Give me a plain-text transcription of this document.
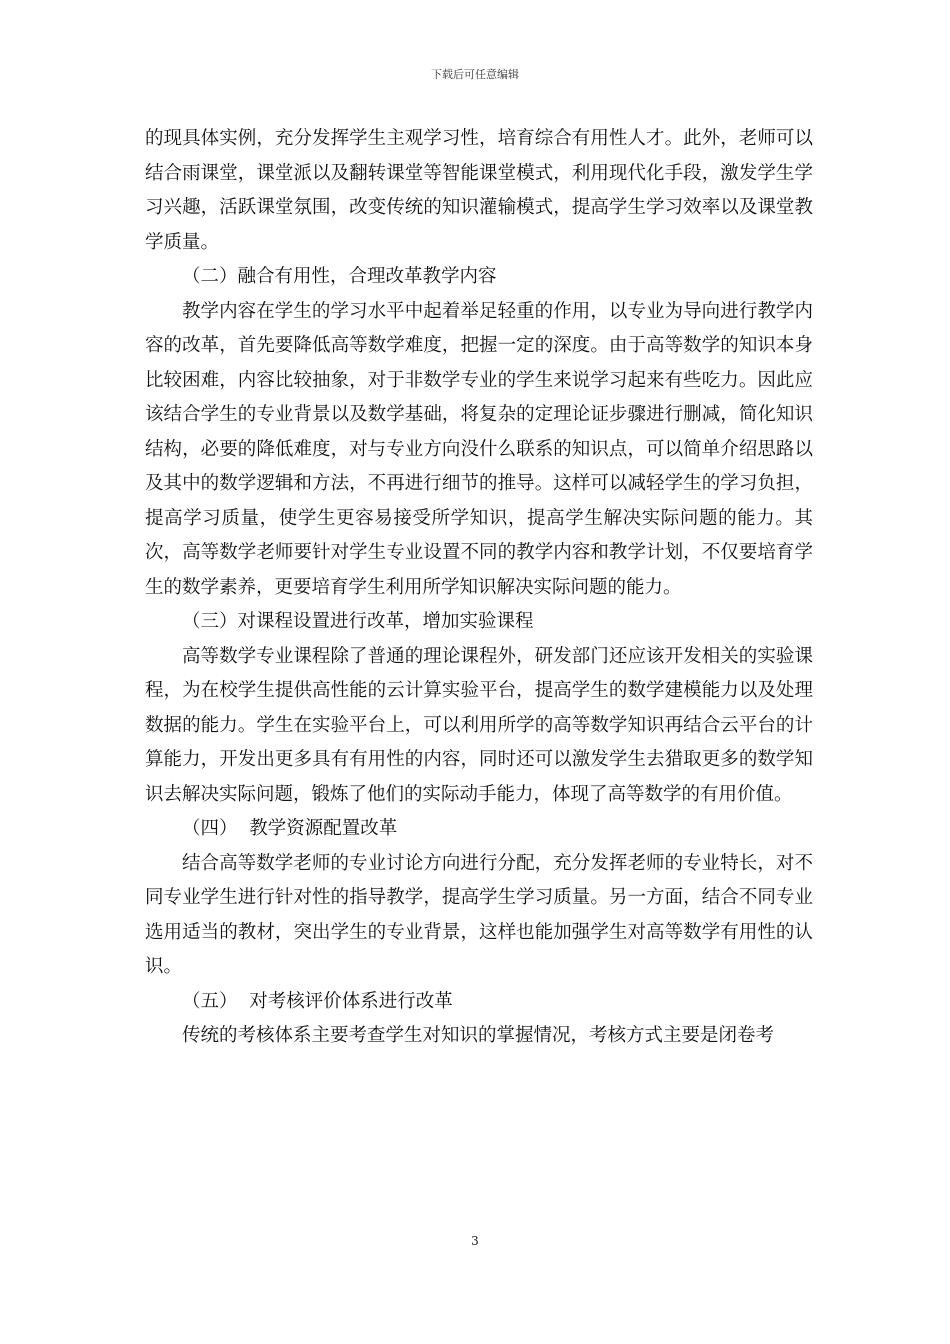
下载后可任意编辑

的现具体实例，充分发挥学生主观学习性，培育综合有用性人才。此外，老师可以结合雨课堂，课堂派以及翻转课堂等智能课堂模式，利用现代化手段，激发学生学习兴趣，活跃课堂氛围，改变传统的知识灌输模式，提高学生学习效率以及课堂教学质量。

（二）融合有用性，合理改革教学内容

教学内容在学生的学习水平中起着举足轻重的作用，以专业为导向进行教学内容的改革，首先要降低高等数学难度，把握一定的深度。由于高等数学的知识本身比较困难，内容比较抽象，对于非数学专业的学生来说学习起来有些吃力。因此应该结合学生的专业背景以及数学基础，将复杂的定理论证步骤进行删减，简化知识结构，必要的降低难度，对与专业方向没什么联系的知识点，可以简单介绍思路以及其中的数学逻辑和方法，不再进行细节的推导。这样可以减轻学生的学习负担，提高学习质量，使学生更容易接受所学知识，提高学生解决实际问题的能力。其次，高等数学老师要针对学生专业设置不同的教学内容和教学计划，不仅要培育学生的数学素养，更要培育学生利用所学知识解决实际问题的能力。

（三）对课程设置进行改革，增加实验课程

高等数学专业课程除了普通的理论课程外，研发部门还应该开发相关的实验课程，为在校学生提供高性能的云计算实验平台，提高学生的数学建模能力以及处理数据的能力。学生在实验平台上，可以利用所学的高等数学知识再结合云平台的计算能力，开发出更多具有有用性的内容，同时还可以激发学生去猎取更多的数学知识去解决实际问题，锻炼了他们的实际动手能力，体现了高等数学的有用价值。

（四）  教学资源配置改革

结合高等数学老师的专业讨论方向进行分配，充分发挥老师的专业特长，对不同专业学生进行针对性的指导教学，提高学生学习质量。另一方面，结合不同专业选用适当的教材，突出学生的专业背景，这样也能加强学生对高等数学有用性的认识。

（五）  对考核评价体系进行改革

传统的考核体系主要考查学生对知识的掌握情况，考核方式主要是闭卷考

3
